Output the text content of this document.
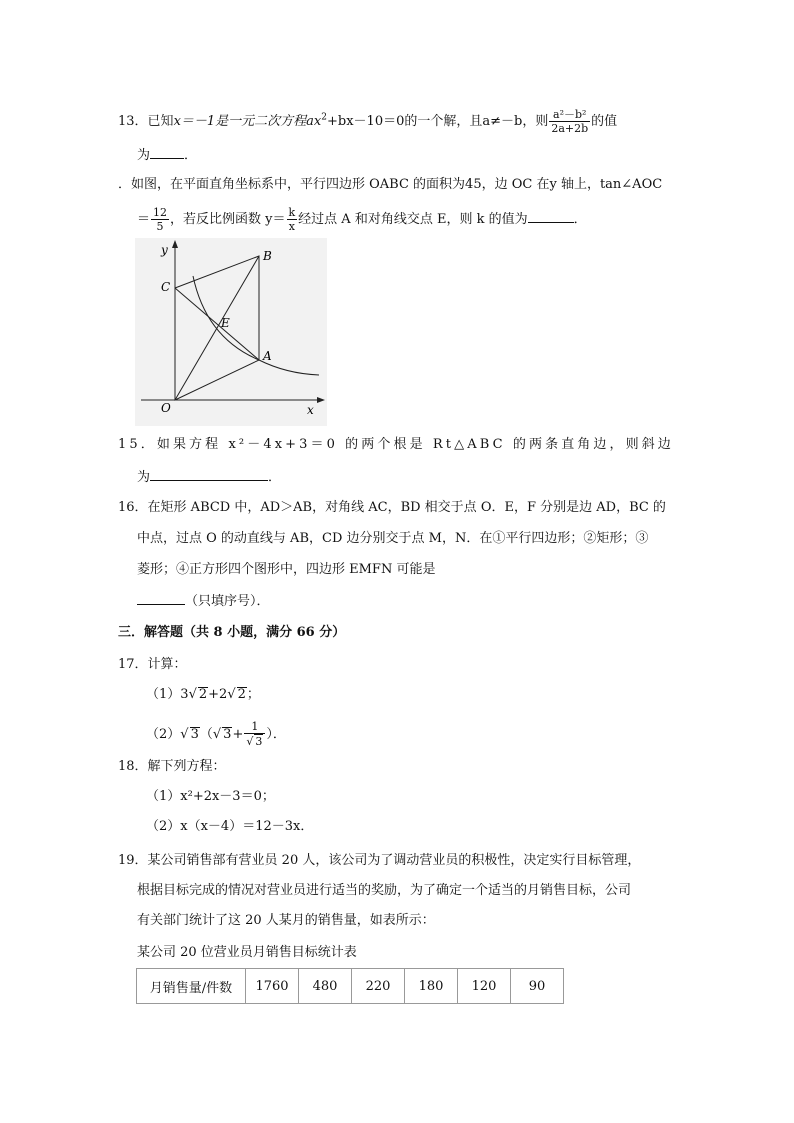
13．已知x＝－1是一元二次方程$ax^2+bx-10=0$的一个解，且a≠－b，则 $\frac{\text{a²－b²}}{2a+2b}$ 的值
为	．
．如图，在平面直角坐标系中，平行四边形 OABC 的面积为45，边 OC 在y 轴上，tan∠AOC
＝ $\frac{12}{5}$ ，若反比例函数 $y= \frac{k}{x}$ 经过点 A 和对角线交点 E，则 k 的值为	．
y
x
O
A
B
C
E
15．如果方程 x²－4x+3＝0 的两个根是 Rt△ABC 的两条直角边，则斜边
为	．
16．在矩形 ABCD 中，AD＞AB，对角线 AC，BD 相交于点 O．E，F 分别是边 AD，BC 的
中点，过点 O 的动直线与 AB，CD 边分别交于点 M，N．在①平行四边形；②矩形；③
菱形；④正方形四个图形中，四边形 EMFN 可能是
（只填序号）．
三．解答题（共 8 小题，满分 66 分）
17．计算：
（1）3√ 2+2√ 2；
（2）√ 3（√ $3+ \frac{1}{√ 3}$ ）．
18．解下列方程：
（1）x²+2x－3＝0；
（2）x（x－4）＝12－3x．
19．某公司销售部有营业员 20 人，该公司为了调动营业员的积极性，决定实行目标管理，
根据目标完成的情况对营业员进行适当的奖励，为了确定一个适当的月销售目标，公司
有关部门统计了这 20 人某月的销售量，如表所示：
某公司 20 位营业员月销售目标统计表
月销售量/件数	1760	480	220	180	120	90
